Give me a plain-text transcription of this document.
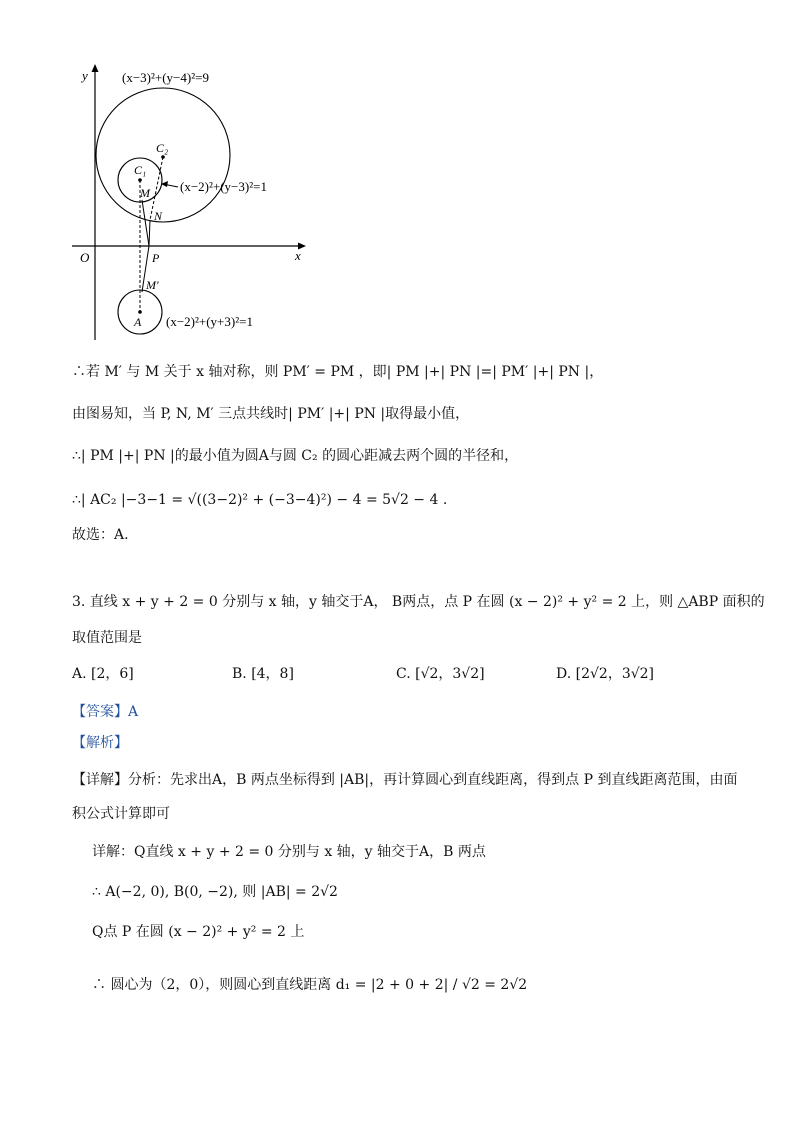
y
x
O
(x−3)²+(y−4)²=9
C₂
C₁
M (x−2)²+(y−3)²=1
N
P
M′
A (x−2)²+(y+3)²=1
∴若 M′ 与 M 关于 x 轴对称，则 PM′ = PM ，即| PM |+| PN |=| PM′ |+| PN |，
由图易知，当 P, N, M′ 三点共线时| PM′ |+| PN |取得最小值，
∴| PM |+| PN |的最小值为圆A与圆 C₂ 的圆心距减去两个圆的半径和，
∴| AC₂ |−3−1 = √((3−2)² + (−3−4)²) − 4 = 5√2 − 4 .
故选：A.
3. 直线 x + y + 2 = 0 分别与 x 轴，y 轴交于A， B两点，点 P 在圆 (x − 2)² + y² = 2 上，则 △ABP 面积的
取值范围是
A. [2，6]	B. [4，8]	C. [√2，3√2]	D. [2√2，3√2]
【答案】A
【解析】
【详解】分析：先求出A，B 两点坐标得到 |AB|，再计算圆心到直线距离，得到点 P 到直线距离范围，由面
积公式计算即可
详解：Q直线 x + y + 2 = 0 分别与 x 轴，y 轴交于A，B 两点
∴ A(−2, 0), B(0, −2), 则 |AB| = 2√2
Q点 P 在圆 (x − 2)² + y² = 2 上
∴ 圆心为（2，0），则圆心到直线距离 d₁ = |2 + 0 + 2| / √2 = 2√2
